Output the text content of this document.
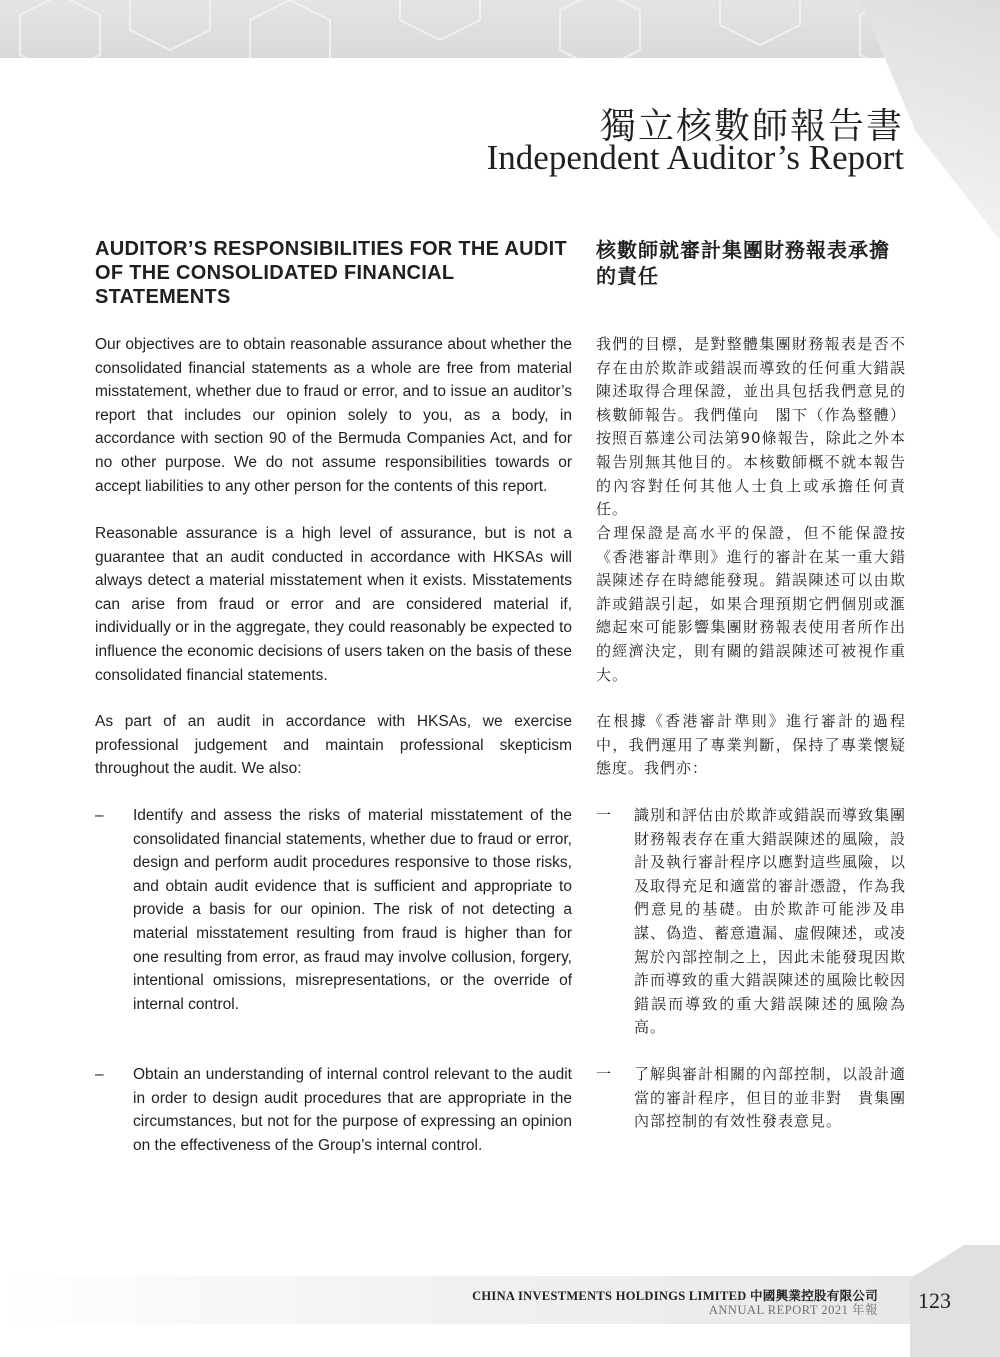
獨立核數師報告書
Independent Auditor’s Report
AUDITOR’S RESPONSIBILITIES FOR THE AUDIT OF THE CONSOLIDATED FINANCIAL STATEMENTS
核數師就審計集團財務報表承擔的責任

Our objectives are to obtain reasonable assurance about whether the consolidated financial statements as a whole are free from material misstatement, whether due to fraud or error, and to issue an auditor’s report that includes our opinion solely to you, as a body, in accordance with section 90 of the Bermuda Companies Act, and for no other purpose. We do not assume responsibilities towards or accept liabilities to any other person for the contents of this report.

我們的目標，是對整體集團財務報表是否不存在由於欺詐或錯誤而導致的任何重大錯誤陳述取得合理保證，並出具包括我們意見的核數師報告。我們僅向　閣下（作為整體）按照百慕達公司法第90條報告，除此之外本報告別無其他目的。本核數師概不就本報告的內容對任何其他人士負上或承擔任何責任。

Reasonable assurance is a high level of assurance, but is not a guarantee that an audit conducted in accordance with HKSAs will always detect a material misstatement when it exists. Misstatements can arise from fraud or error and are considered material if, individually or in the aggregate, they could reasonably be expected to influence the economic decisions of users taken on the basis of these consolidated financial statements.

合理保證是高水平的保證，但不能保證按《香港審計準則》進行的審計在某一重大錯誤陳述存在時總能發現。錯誤陳述可以由欺詐或錯誤引起，如果合理預期它們個別或滙總起來可能影響集團財務報表使用者所作出的經濟決定，則有關的錯誤陳述可被視作重大。

As part of an audit in accordance with HKSAs, we exercise professional judgement and maintain professional skepticism throughout the audit. We also:

在根據《香港審計準則》進行審計的過程中，我們運用了專業判斷，保持了專業懷疑態度。我們亦：

– Identify and assess the risks of material misstatement of the consolidated financial statements, whether due to fraud or error, design and perform audit procedures responsive to those risks, and obtain audit evidence that is sufficient and appropriate to provide a basis for our opinion. The risk of not detecting a material misstatement resulting from fraud is higher than for one resulting from error, as fraud may involve collusion, forgery, intentional omissions, misrepresentations, or the override of internal control.

一 識別和評估由於欺詐或錯誤而導致集團財務報表存在重大錯誤陳述的風險，設計及執行審計程序以應對這些風險，以及取得充足和適當的審計憑證，作為我們意見的基礎。由於欺詐可能涉及串謀、偽造、蓄意遺漏、虛假陳述，或凌駕於內部控制之上，因此未能發現因欺詐而導致的重大錯誤陳述的風險比較因錯誤而導致的重大錯誤陳述的風險為高。

– Obtain an understanding of internal control relevant to the audit in order to design audit procedures that are appropriate in the circumstances, but not for the purpose of expressing an opinion on the effectiveness of the Group’s internal control.

一 了解與審計相關的內部控制，以設計適當的審計程序，但目的並非對　貴集團內部控制的有效性發表意見。

CHINA INVESTMENTS HOLDINGS LIMITED 中國興業控股有限公司
ANNUAL REPORT 2021 年報 123
